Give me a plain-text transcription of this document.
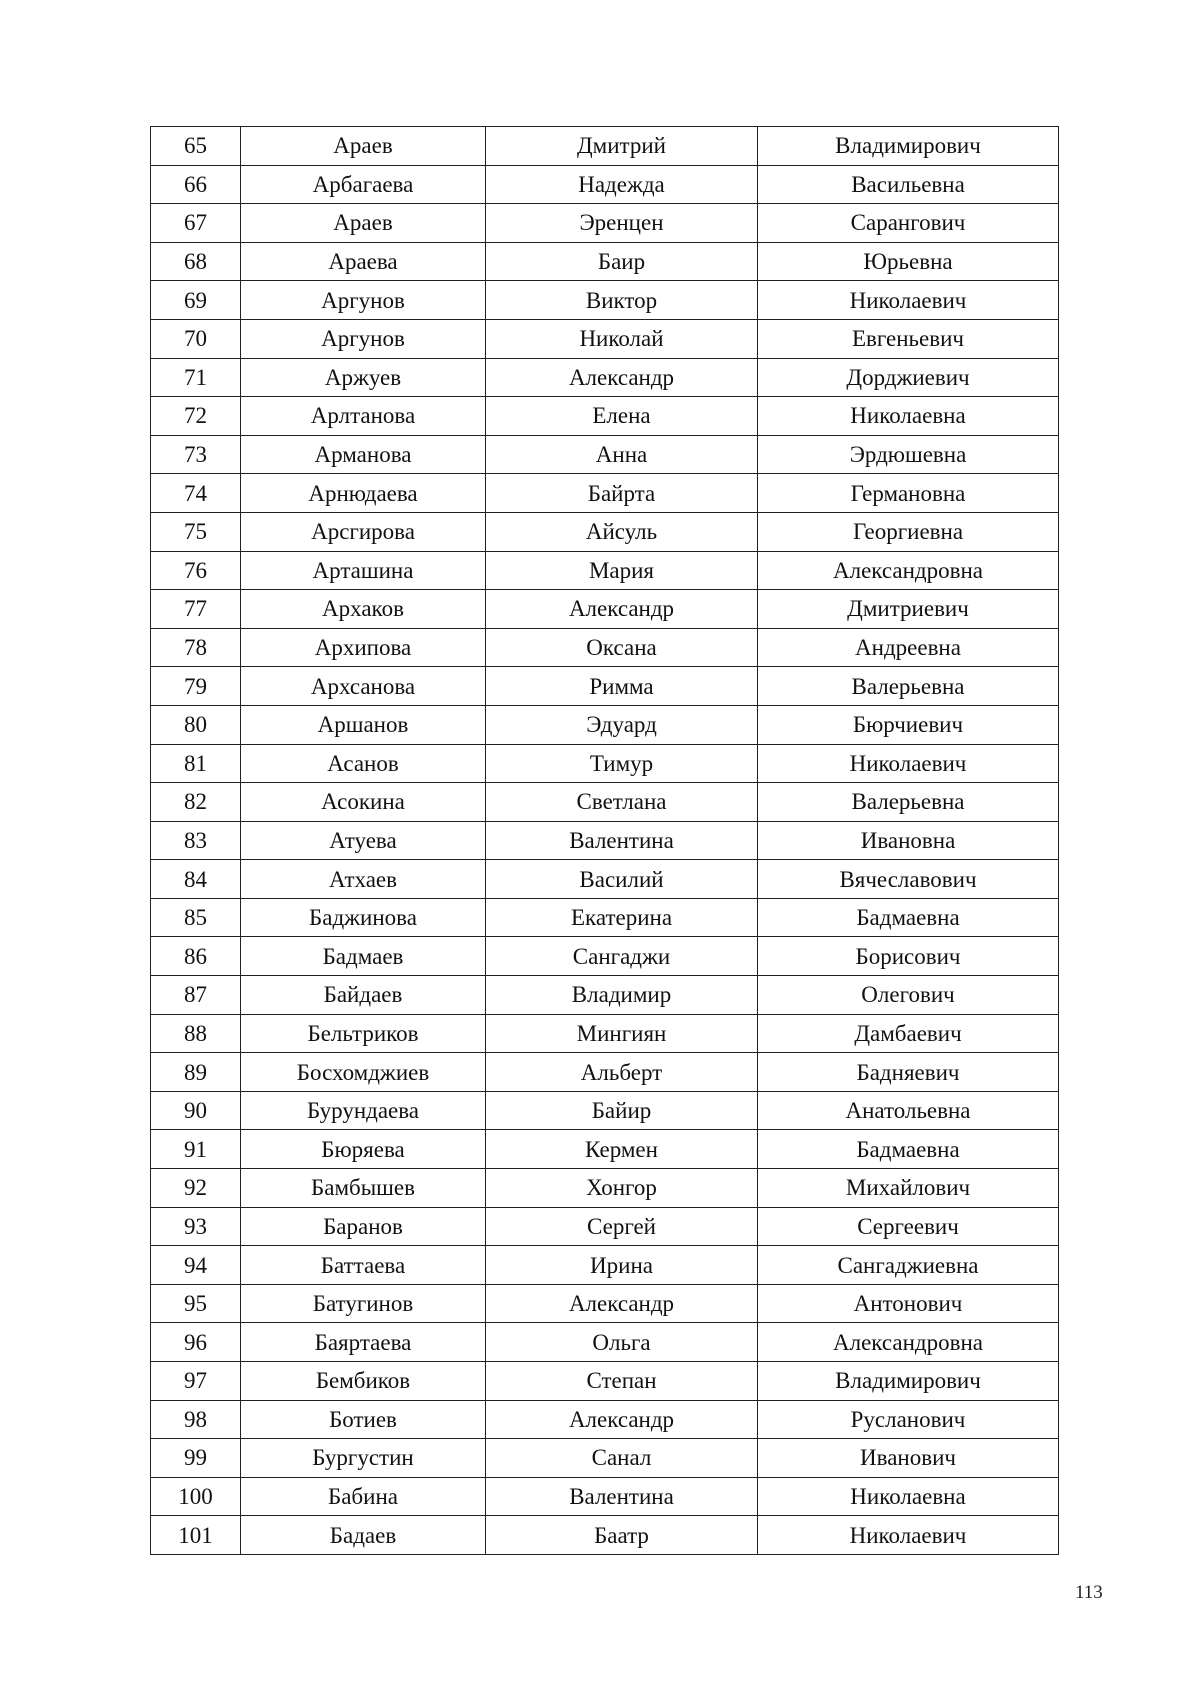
65	Араев	Дмитрий	Владимирович
66	Арбагаева	Надежда	Васильевна
67	Араев	Эренцен	Сарангович
68	Араева	Баир	Юрьевна
69	Аргунов	Виктор	Николаевич
70	Аргунов	Николай	Евгеньевич
71	Аржуев	Александр	Дорджиевич
72	Арлтанова	Елена	Николаевна
73	Арманова	Анна	Эрдюшевна
74	Арнюдаева	Байрта	Германовна
75	Арсгирова	Айсуль	Георгиевна
76	Арташина	Мария	Александровна
77	Архаков	Александр	Дмитриевич
78	Архипова	Оксана	Андреевна
79	Архсанова	Римма	Валерьевна
80	Аршанов	Эдуард	Бюрчиевич
81	Асанов	Тимур	Николаевич
82	Асокина	Светлана	Валерьевна
83	Атуева	Валентина	Ивановна
84	Атхаев	Василий	Вячеславович
85	Баджинова	Екатерина	Бадмаевна
86	Бадмаев	Сангаджи	Борисович
87	Байдаев	Владимир	Олегович
88	Бельтриков	Мингиян	Дамбаевич
89	Босхомджиев	Альберт	Бадняевич
90	Бурундаева	Байир	Анатольевна
91	Бюряева	Кермен	Бадмаевна
92	Бамбышев	Хонгор	Михайлович
93	Баранов	Сергей	Сергеевич
94	Баттаева	Ирина	Сангаджиевна
95	Батугинов	Александр	Антонович
96	Баяртаева	Ольга	Александровна
97	Бембиков	Степан	Владимирович
98	Ботиев	Александр	Русланович
99	Бургустин	Санал	Иванович
100	Бабина	Валентина	Николаевна
101	Бадаев	Баатр	Николаевич
113
